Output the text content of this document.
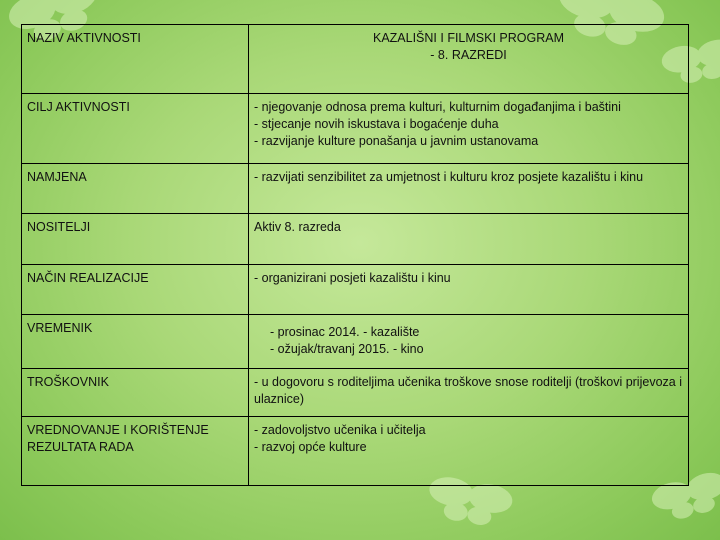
NAZIV AKTIVNOSTI	KAZALIŠNI I FILMSKI PROGRAM
- 8. RAZREDI

CILJ AKTIVNOSTI	- njegovanje odnosa prema kulturi, kulturnim događanjima i baštini
- stjecanje novih iskustava i bogaćenje duha
- razvijanje kulture ponašanja u javnim ustanovama

NAMJENA	- razvijati senzibilitet za umjetnost i kulturu kroz posjete kazalištu i kinu

NOSITELJI	Aktiv 8. razreda

NAČIN REALIZACIJE	- organizirani posjeti kazalištu i kinu

VREMENIK	- prosinac 2014. - kazalište
- ožujak/travanj 2015. - kino

TROŠKOVNIK	- u dogovoru s roditeljima učenika troškove snose roditelji (troškovi prijevoza i ulaznice)

VREDNOVANJE I KORIŠTENJE REZULTATA RADA	- zadovoljstvo učenika i učitelja
- razvoj opće kulture
